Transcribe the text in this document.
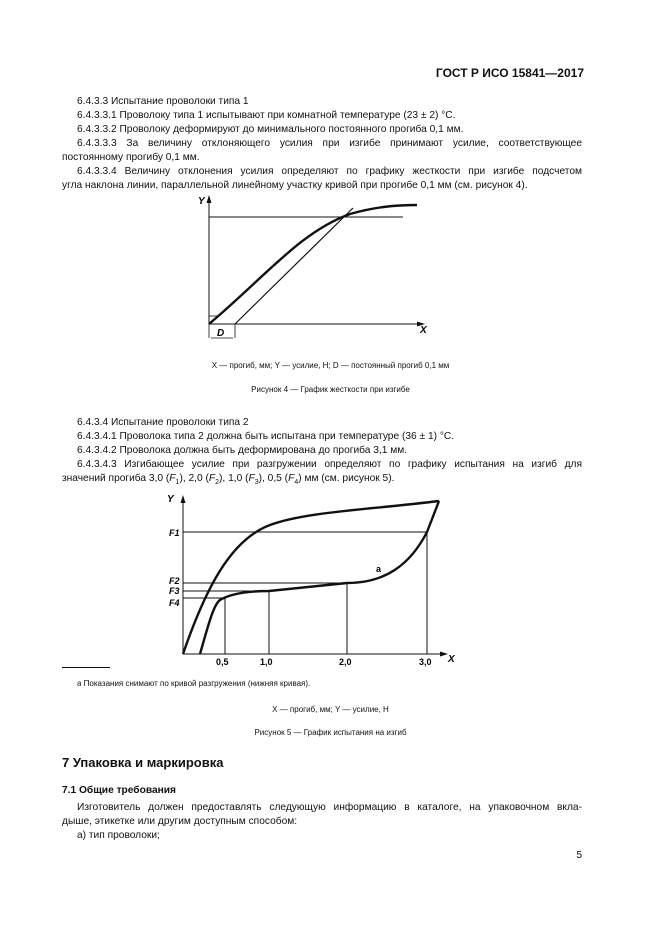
ГОСТ Р ИСО 15841—2017
6.4.3.3 Испытание проволоки типа 1
6.4.3.3.1 Проволоку типа 1 испытывают при комнатной температуре (23 ± 2) °С.
6.4.3.3.2 Проволоку деформируют до минимального постоянного прогиба 0,1 мм.
6.4.3.3.3 За величину отклоняющего усилия при изгибе принимают усилие, соответствующее
постоянному прогибу 0,1 мм.
6.4.3.3.4 Величину отклонения усилия определяют по графику жесткости при изгибе подсчетом
угла наклона линии, параллельной линейному участку кривой при прогибе 0,1 мм (см. рисунок 4).
D
Y
X
X — прогиб, мм; Y — усилие, Н; D — постоянный прогиб 0,1 мм
Рисунок 4 — График жесткости при изгибе
6.4.3.4 Испытание проволоки типа 2
6.4.3.4.1 Проволока типа 2 должна быть испытана при температуре (36 ± 1) °С.
6.4.3.4.2 Проволока должна быть деформирована до прогиба 3,1 мм.
6.4.3.4.3 Изгибающее усилие при разгружении определяют по графику испытания на изгиб для
значений прогиба 3,0 $(F_1)$, 2,0 $(F_2)$, 1,0 $(F_3)$, 0,5 $(F_4)$ мм (см. рисунок 5).
Y
X
F1
F2
F3
F4
0,5	1,0	2,0	3,0
a
a Показания снимают по кривой разгружения (нижняя кривая).
X — прогиб, мм; Y — усилие, Н
Рисунок 5 — График испытания на изгиб
7 Упаковка и маркировка
7.1 Общие требования
Изготовитель должен предоставлять следующую информацию в каталоге, на упаковочном вкла-
дыше, этикетке или другим доступным способом:
а) тип проволоки;
5
